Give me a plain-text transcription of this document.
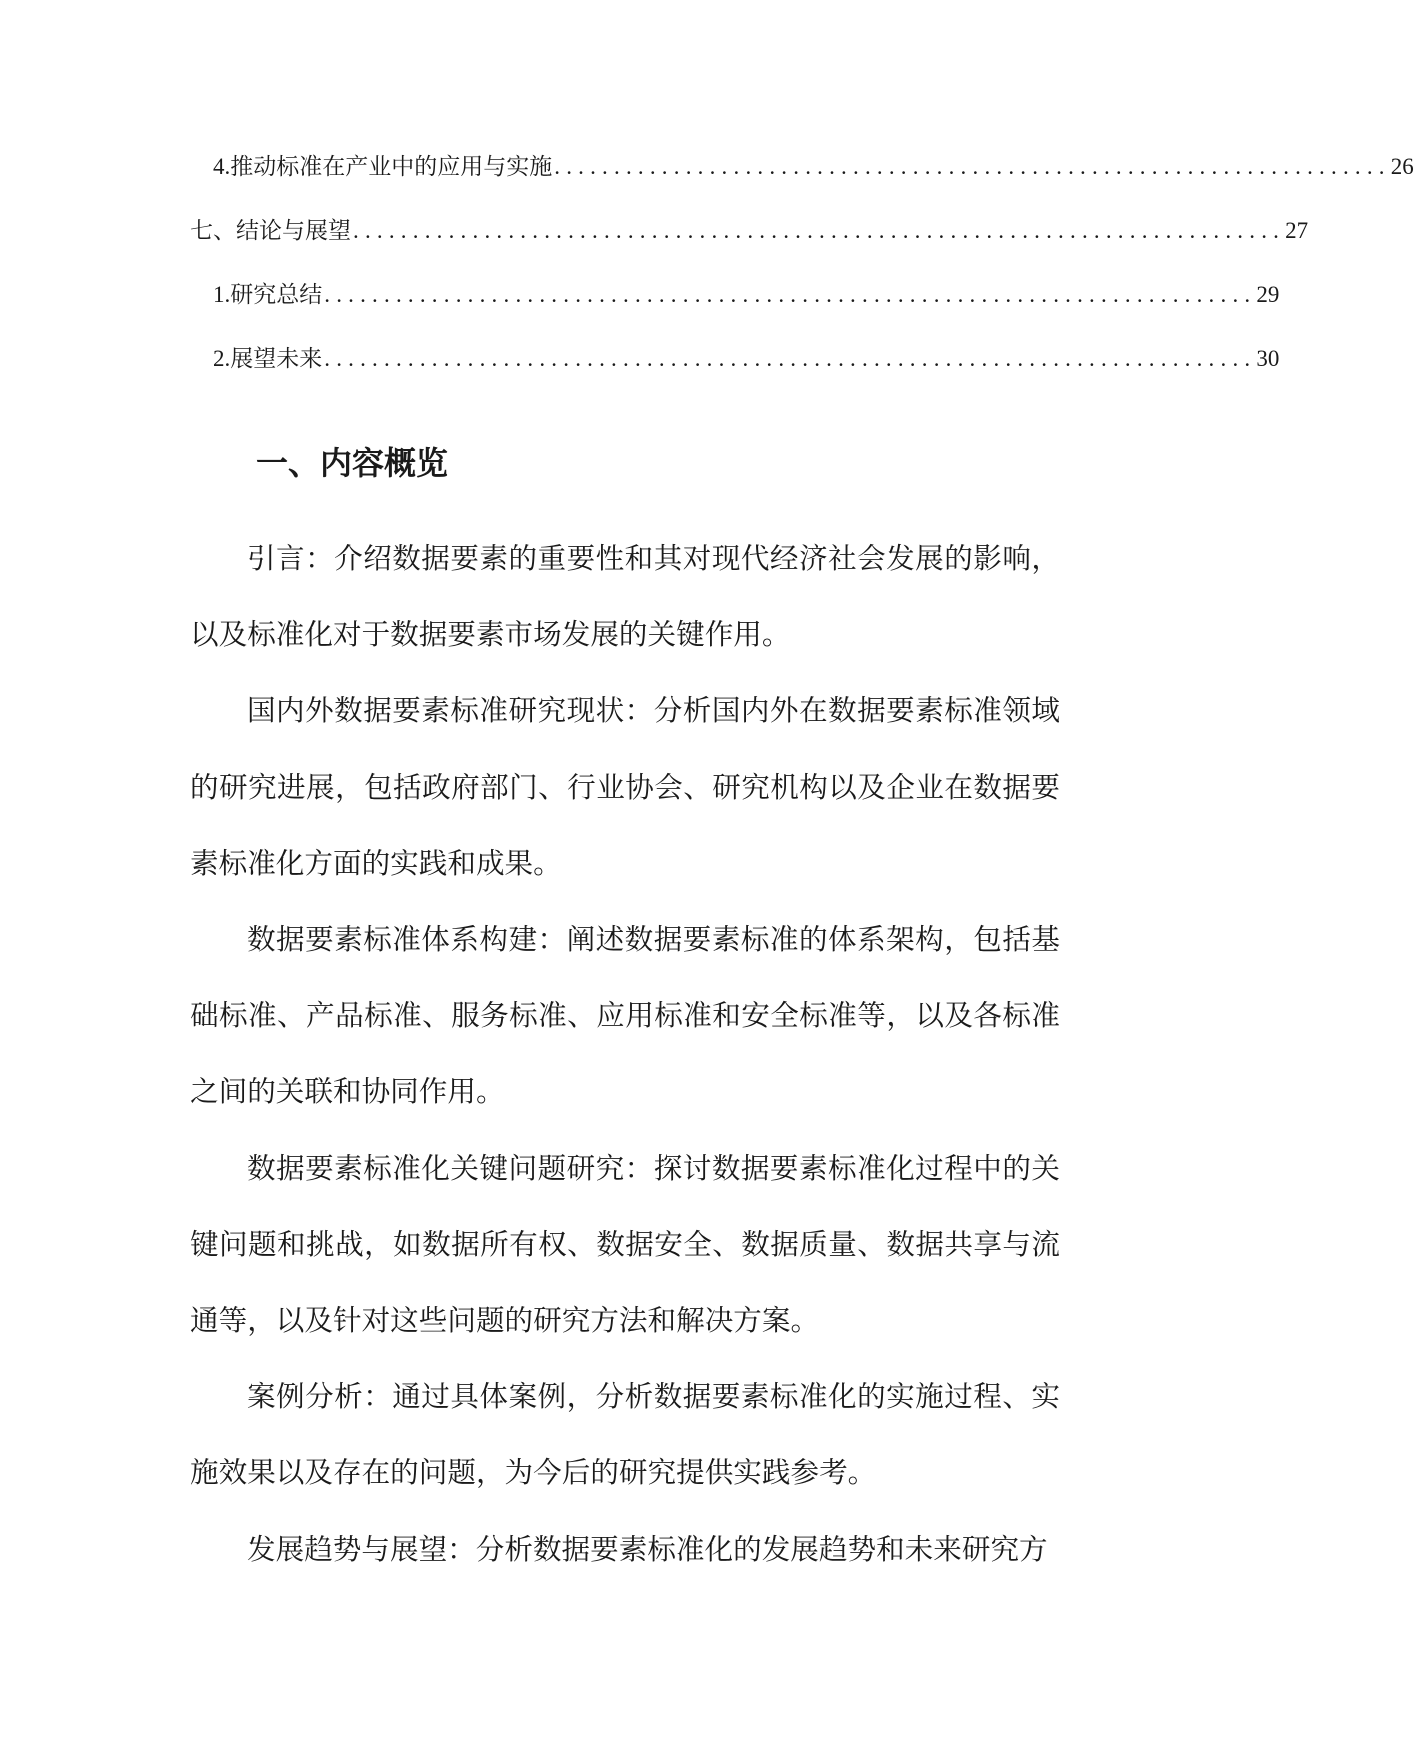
4. 推动标准在产业中的应用与实施 ...................................................................... 26
七、结论与展望 .............................................................................. 27
1. 研究总结 .............................................................................. 29
2. 展望未来 .............................................................................. 30
一、内容概览

引言：介绍数据要素的重要性和其对现代经济社会发展的影响，以及标准化对于数据要素市场发展的关键作用。

国内外数据要素标准研究现状：分析国内外在数据要素标准领域的研究进展，包括政府部门、行业协会、研究机构以及企业在数据要素标准化方面的实践和成果。

数据要素标准体系构建：阐述数据要素标准的体系架构，包括基础标准、产品标准、服务标准、应用标准和安全标准等，以及各标准之间的关联和协同作用。

数据要素标准化关键问题研究：探讨数据要素标准化过程中的关键问题和挑战，如数据所有权、数据安全、数据质量、数据共享与流通等，以及针对这些问题的研究方法和解决方案。

案例分析：通过具体案例，分析数据要素标准化的实施过程、实施效果以及存在的问题，为今后的研究提供实践参考。

发展趋势与展望：分析数据要素标准化的发展趋势和未来研究方
